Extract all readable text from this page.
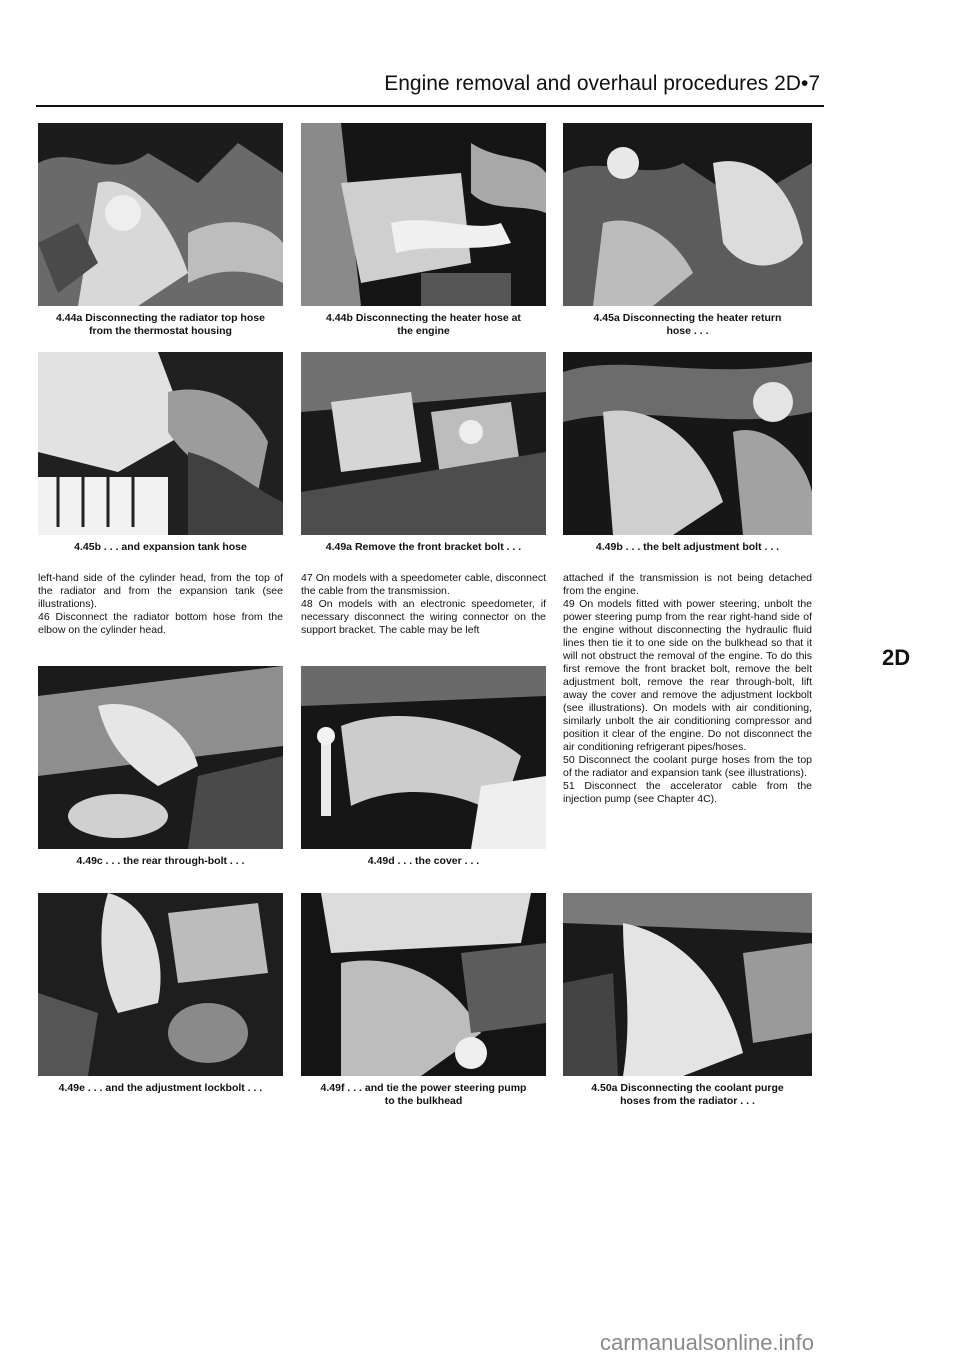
Engine removal and overhaul procedures 2D•7
2D
4.44a Disconnecting the radiator top hose
from the thermostat housing
4.44b Disconnecting the heater hose at
the engine
4.45a Disconnecting the heater return
hose . . .
4.45b . . . and expansion tank hose	4.49a Remove the front bracket bolt . . .	4.49b . . . the belt adjustment bolt . . .

left-hand side of the cylinder head, from the top of the radiator and from the expansion tank (see illustrations).

46 Disconnect the radiator bottom hose from the elbow on the cylinder head.

47 On models with a speedometer cable, disconnect the cable from the transmission.

48 On models with an electronic speedometer, if necessary disconnect the wiring connector on the support bracket. The cable may be left

attached if the transmission is not being detached from the engine.

49 On models fitted with power steering, unbolt the power steering pump from the rear right-hand side of the engine without disconnecting the hydraulic fluid lines then tie it to one side on the bulkhead so that it will not obstruct the removal of the engine. To do this first remove the front bracket bolt, remove the belt adjustment bolt, remove the rear through-bolt, lift away the cover and remove the adjustment lockbolt (see illustrations). On models with air conditioning, similarly unbolt the air conditioning compressor and position it clear of the engine. Do not disconnect the air conditioning refrigerant pipes/hoses.

50 Disconnect the coolant purge hoses from the top of the radiator and expansion tank (see illustrations).

51 Disconnect the accelerator cable from the injection pump (see Chapter 4C).

4.49c . . . the rear through-bolt . . .	4.49d . . . the cover . . .
4.49e . . . and the adjustment lockbolt . . .	4.49f . . . and tie the power steering pump
to the bulkhead
4.50a Disconnecting the coolant purge
hoses from the radiator . . .
carmanualsonline.info
